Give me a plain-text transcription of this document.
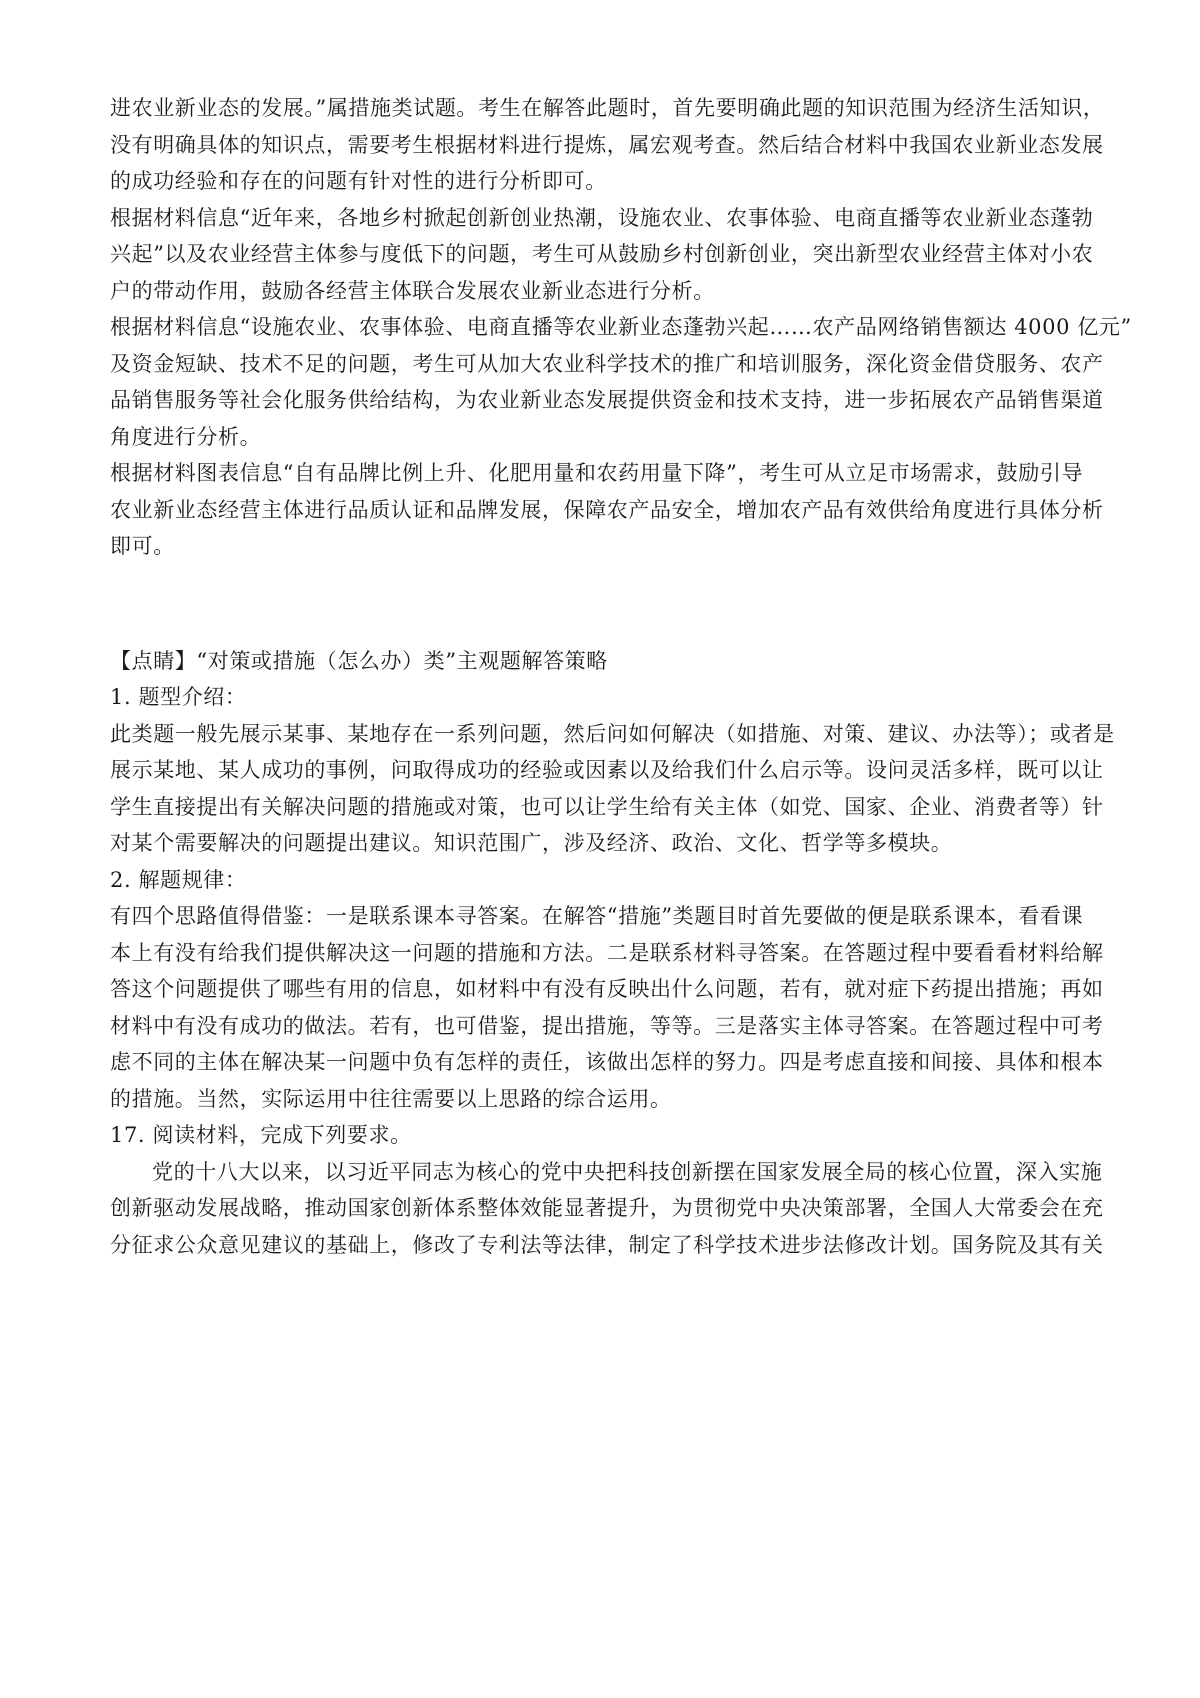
进农业新业态的发展。”属措施类试题。考生在解答此题时，首先要明确此题的知识范围为经济生活知识，
没有明确具体的知识点，需要考生根据材料进行提炼，属宏观考查。然后结合材料中我国农业新业态发展
的成功经验和存在的问题有针对性的进行分析即可。
根据材料信息“近年来，各地乡村掀起创新创业热潮，设施农业、农事体验、电商直播等农业新业态蓬勃
兴起”以及农业经营主体参与度低下的问题，考生可从鼓励乡村创新创业，突出新型农业经营主体对小农
户的带动作用，鼓励各经营主体联合发展农业新业态进行分析。
根据材料信息“设施农业、农事体验、电商直播等农业新业态蓬勃兴起……农产品网络销售额达 4000 亿元”
及资金短缺、技术不足的问题，考生可从加大农业科学技术的推广和培训服务，深化资金借贷服务、农产
品销售服务等社会化服务供给结构，为农业新业态发展提供资金和技术支持，进一步拓展农产品销售渠道
角度进行分析。
根据材料图表信息“自有品牌比例上升、化肥用量和农药用量下降”，考生可从立足市场需求，鼓励引导
农业新业态经营主体进行品质认证和品牌发展，保障农产品安全，增加农产品有效供给角度进行具体分析
即可。
【点睛】“对策或措施（怎么办）类”主观题解答策略
1. 题型介绍：
此类题一般先展示某事、某地存在一系列问题，然后问如何解决（如措施、对策、建议、办法等）；或者是
展示某地、某人成功的事例，问取得成功的经验或因素以及给我们什么启示等。设问灵活多样，既可以让
学生直接提出有关解决问题的措施或对策，也可以让学生给有关主体（如党、国家、企业、消费者等）针
对某个需要解决的问题提出建议。知识范围广，涉及经济、政治、文化、哲学等多模块。
2. 解题规律：
有四个思路值得借鉴：一是联系课本寻答案。在解答“措施”类题目时首先要做的便是联系课本，看看课
本上有没有给我们提供解决这一问题的措施和方法。二是联系材料寻答案。在答题过程中要看看材料给解
答这个问题提供了哪些有用的信息，如材料中有没有反映出什么问题，若有，就对症下药提出措施；再如
材料中有没有成功的做法。若有，也可借鉴，提出措施，等等。三是落实主体寻答案。在答题过程中可考
虑不同的主体在解决某一问题中负有怎样的责任，该做出怎样的努力。四是考虑直接和间接、具体和根本
的措施。当然，实际运用中往往需要以上思路的综合运用。
17. 阅读材料，完成下列要求。
党的十八大以来，以习近平同志为核心的党中央把科技创新摆在国家发展全局的核心位置，深入实施
创新驱动发展战略，推动国家创新体系整体效能显著提升，为贯彻党中央决策部署，全国人大常委会在充
分征求公众意见建议的基础上，修改了专利法等法律，制定了科学技术进步法修改计划。国务院及其有关
